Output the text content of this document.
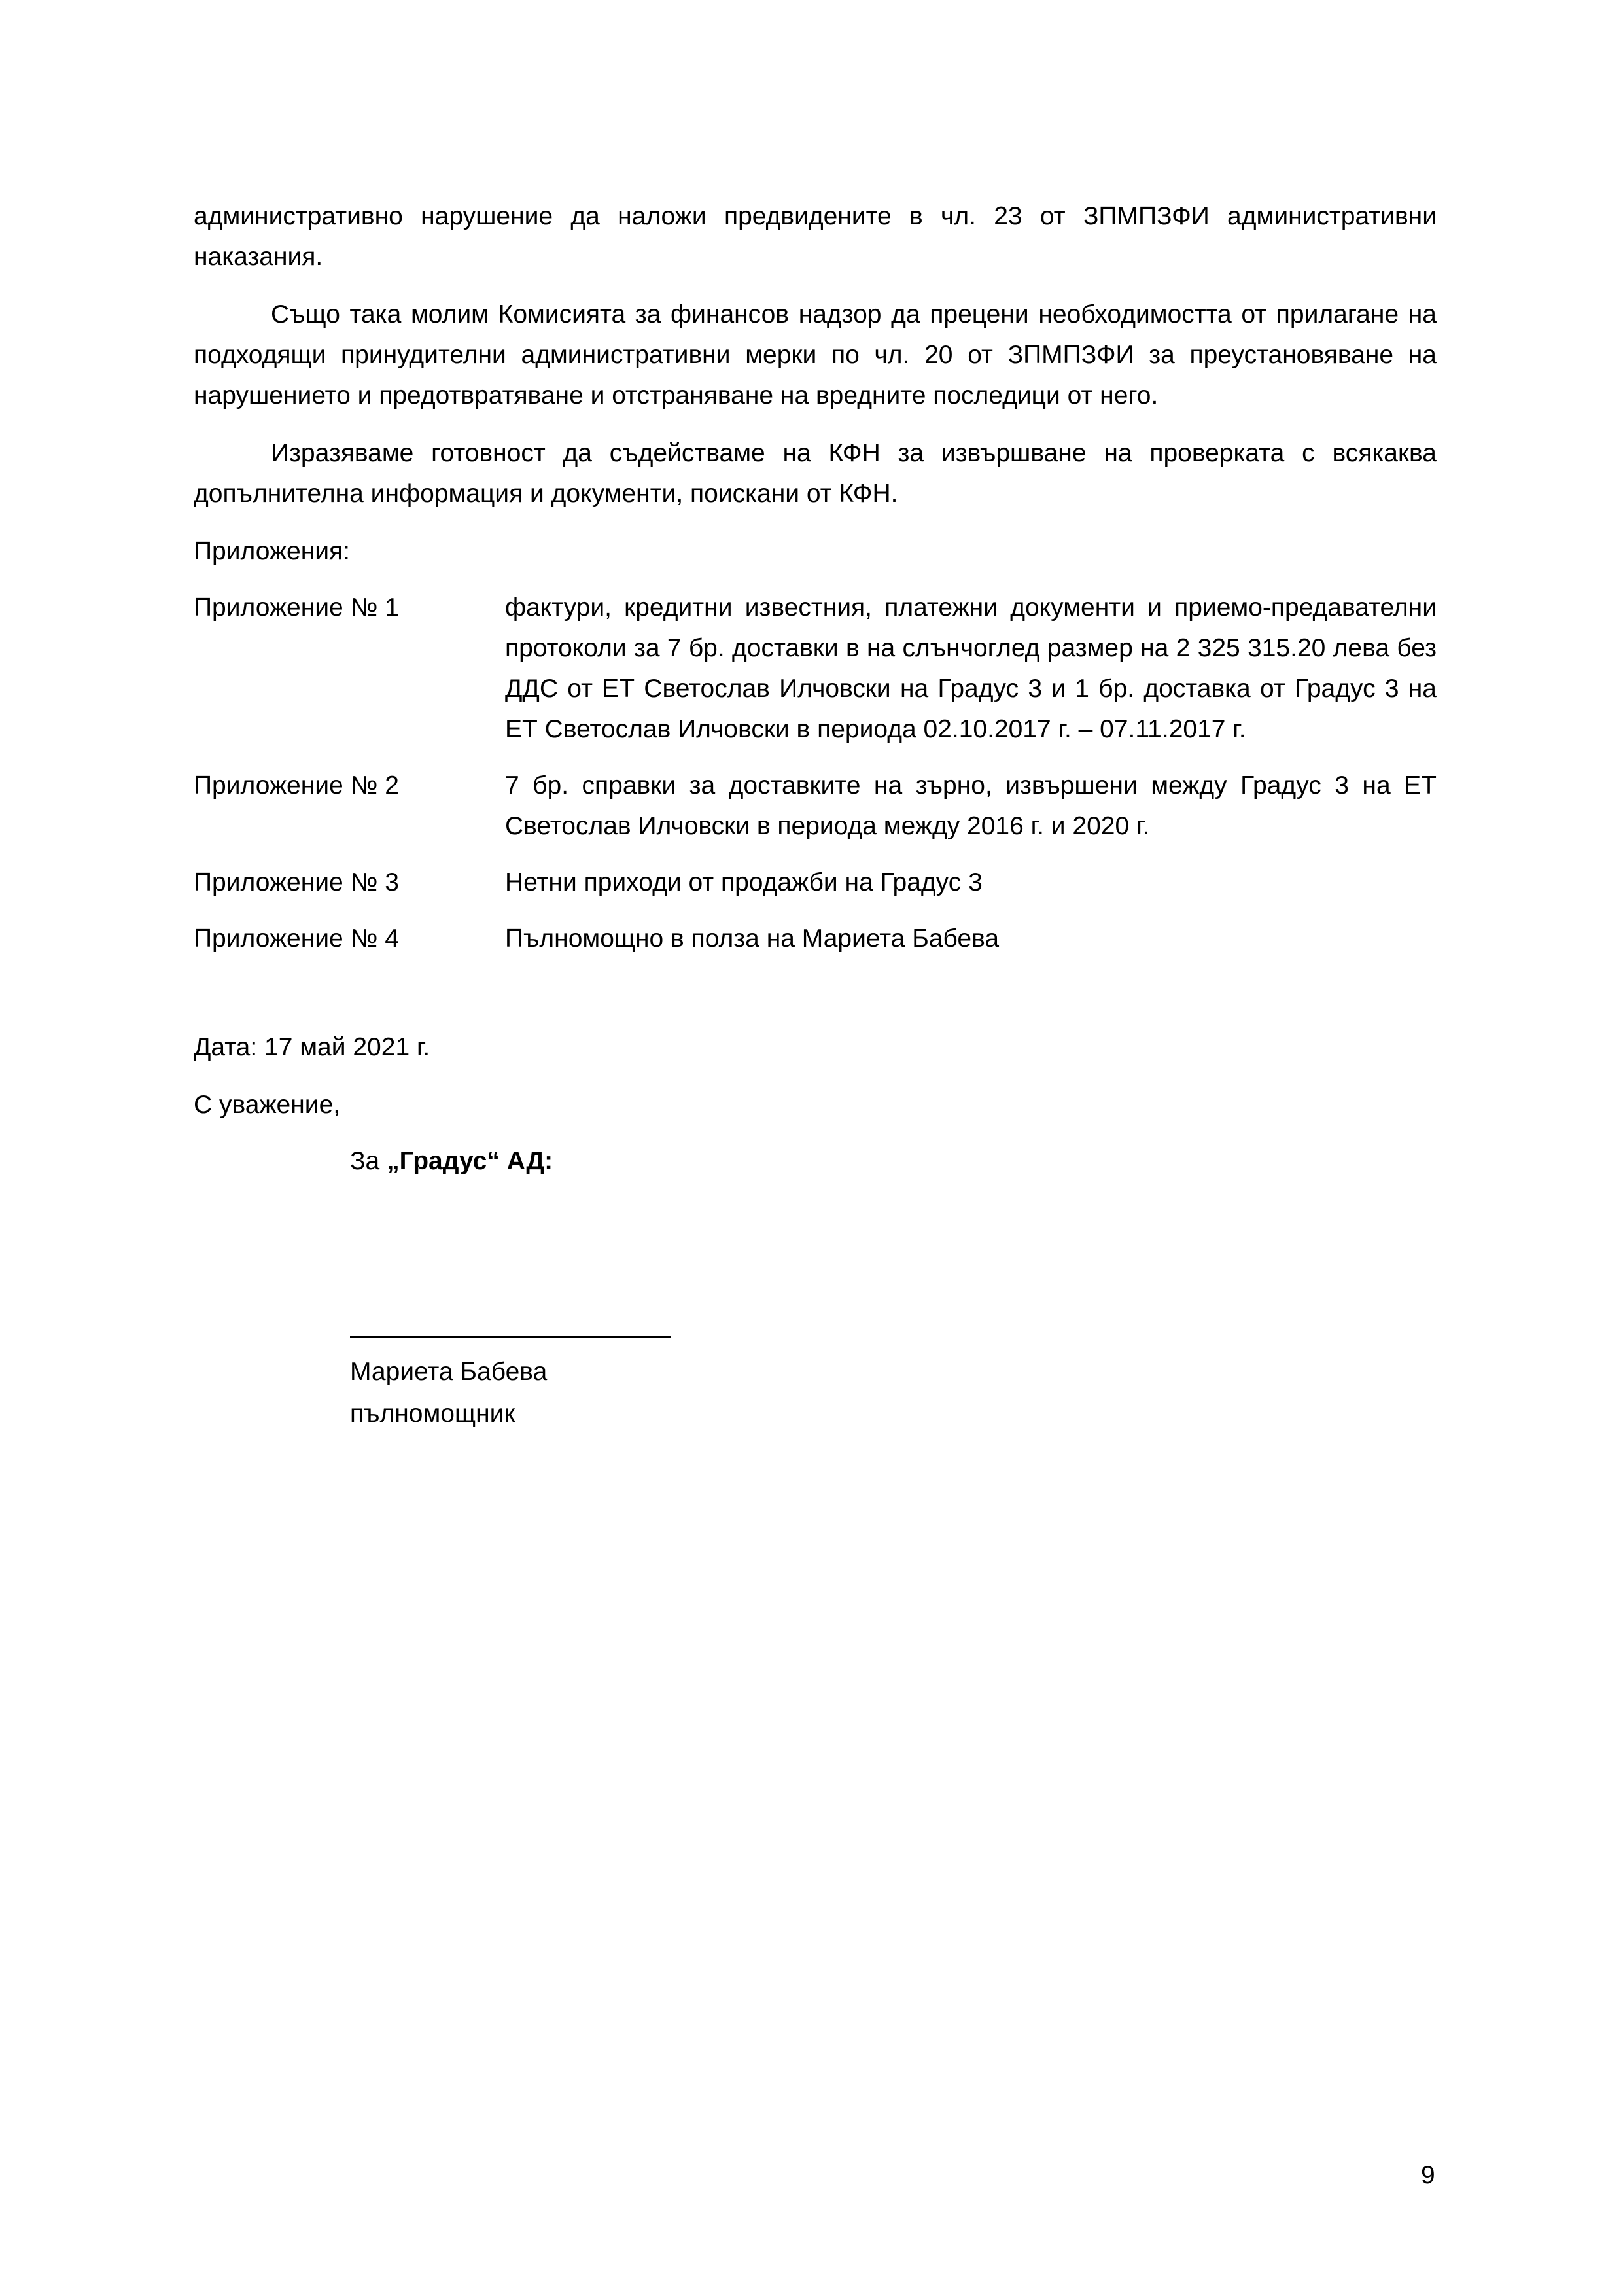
административно нарушение да наложи предвидените в чл. 23 от ЗПМПЗФИ административни наказания.

Също така молим Комисията за финансов надзор да прецени необходимостта от прилагане на подходящи принудителни административни мерки по чл. 20 от ЗПМПЗФИ за преустановяване на нарушението и предотвратяване и отстраняване на вредните последици от него.

Изразяваме готовност да съдействаме на КФН за извършване на проверката с всякаква допълнителна информация и документи, поискани от КФН.

Приложения:

Приложение № 1	фактури, кредитни известния, платежни документи и приемо-предавателни протоколи за 7 бр. доставки в на слънчоглед размер на 2 325 315.20 лева без ДДС от ЕТ Светослав Илчовски на Градус 3 и 1 бр. доставка от Градус 3 на ЕТ Светослав Илчовски в периода 02.10.2017 г. – 07.11.2017 г.
Приложение № 2	7 бр. справки за доставките на зърно, извършени между Градус 3 на ЕТ Светослав Илчовски в периода между 2016 г. и 2020 г.
Приложение № 3	Нетни приходи от продажби на Градус 3
Приложение № 4	Пълномощно в полза на Мариета Бабева

Дата: 17 май 2021 г.

С уважение,

За „Градус“ АД:

Мариета Бабева

пълномощник

9
